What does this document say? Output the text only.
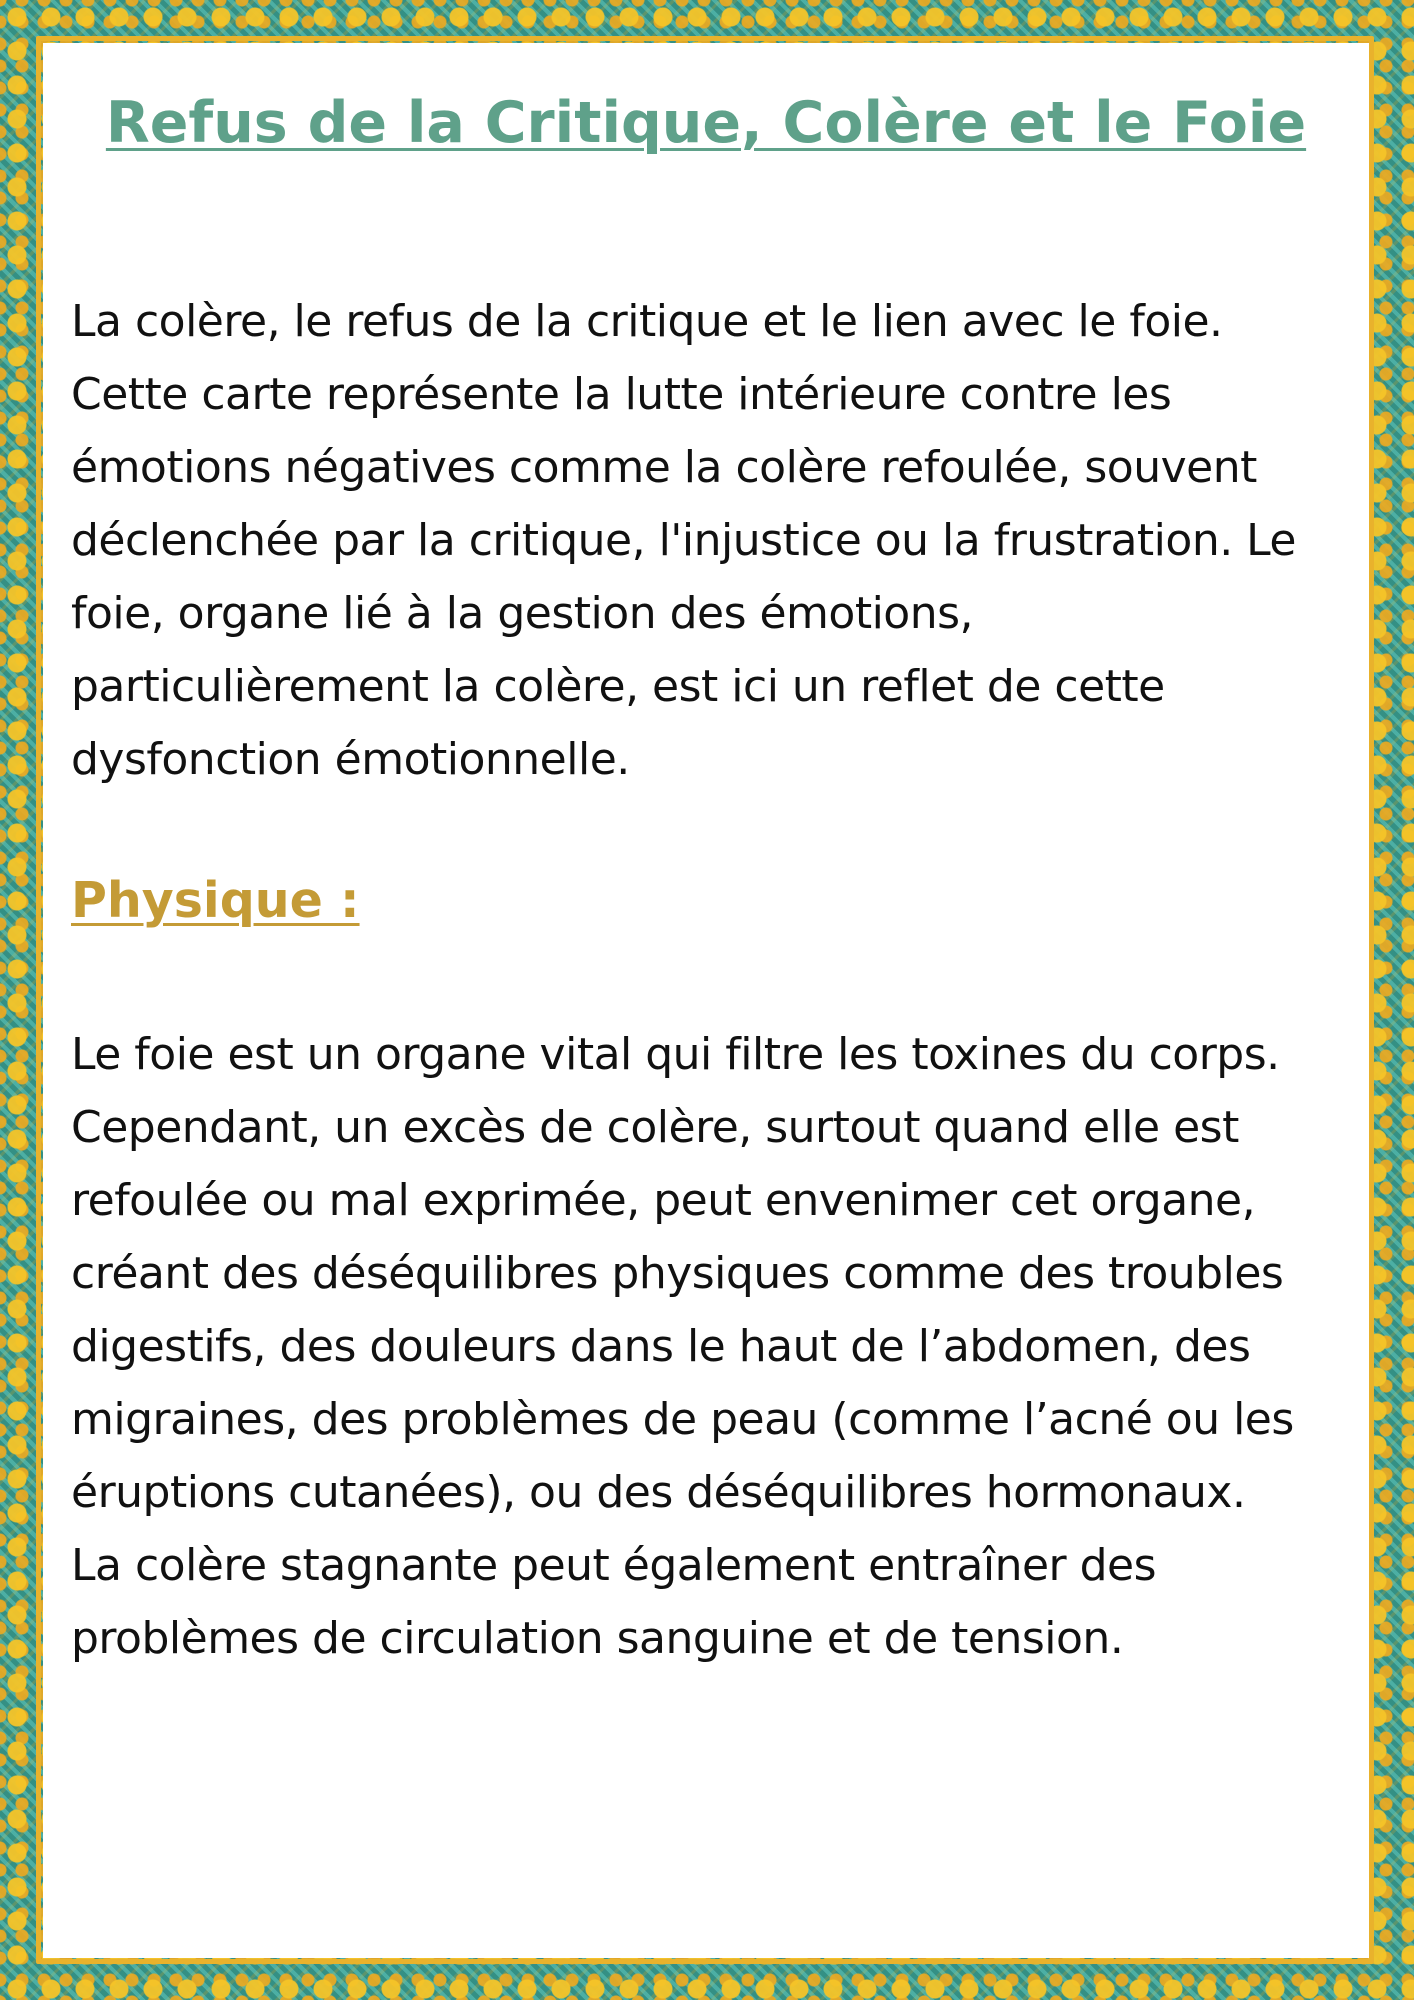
Refus de la Critique, Colère et le Foie

La colère, le refus de la critique et le lien avec le foie. Cette carte représente la lutte intérieure contre les émotions négatives comme la colère refoulée, souvent déclenchée par la critique, l'injustice ou la frustration. Le foie, organe lié à la gestion des émotions, particulièrement la colère, est ici un reflet de cette dysfonction émotionnelle.

Physique :

Le foie est un organe vital qui filtre les toxines du corps. Cependant, un excès de colère, surtout quand elle est refoulée ou mal exprimée, peut envenimer cet organe, créant des déséquilibres physiques comme des troubles digestifs, des douleurs dans le haut de l’abdomen, des migraines, des problèmes de peau (comme l’acné ou les éruptions cutanées), ou des déséquilibres hormonaux.

La colère stagnante peut également entraîner des problèmes de circulation sanguine et de tension.
